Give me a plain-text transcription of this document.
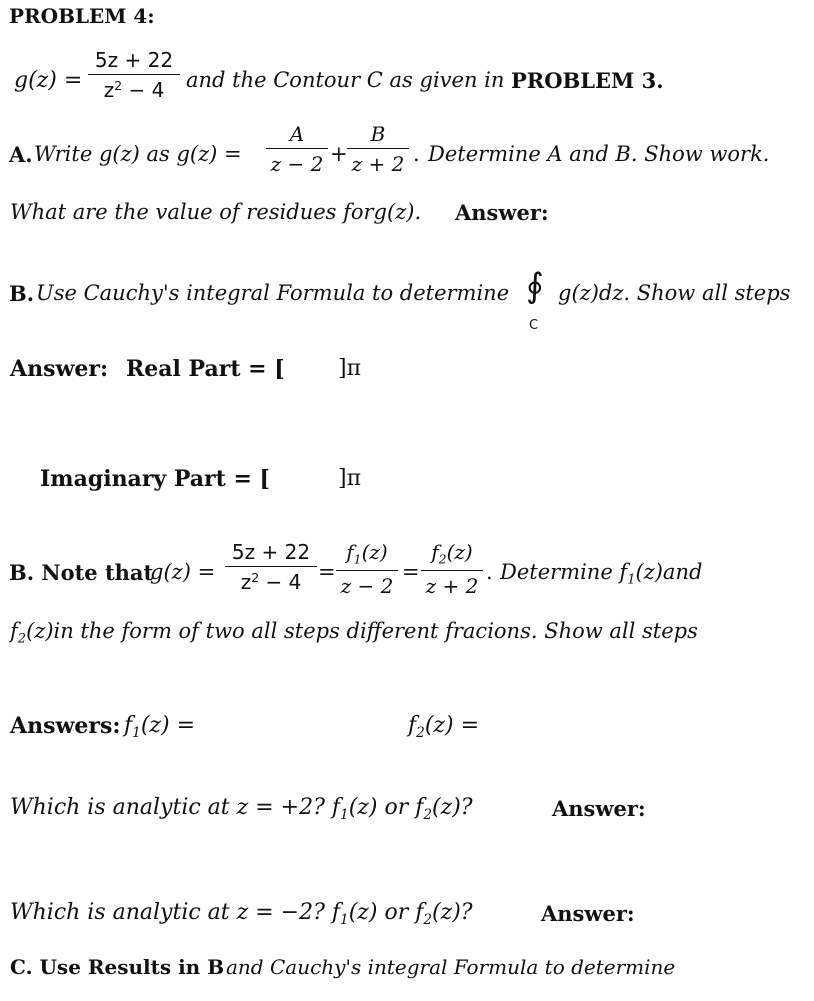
PROBLEM 4:
g(z) =
5z + 22
$z^2 - 4$	and the Contour C as given in PROBLEM 3.
A. Write g(z) as g(z) =
A
z − 2 +
B
z + 2 . Determine A and B. Show work.
What are the value of residues forg(z). Answer:
B. Use Cauchy's integral Formula to determine ∮
C
g(z)dz. Show all steps
Answer: Real Part = [ ]π
Imaginary Part = [	]π
B. Note that
g(z) =
5z + 22
$z^2 - 4$ =
$f_1(z)$
z − 2
=
$f_2(z)$
z + 2
. Determine $f_1(z)and$
$f_2(z)in$ the form of two all steps different fracions. Show all steps
Answers: $f_1(z)$ =	$f_2(z)$ =
Which is analytic at z = +2? $f_1(z)$ or $f_2(z)$?	Answer:
Which is analytic at z = −2? $f_1(z)$ or $f_2(z)$?	Answer:
C. Use Results in B and Cauchy's integral Formula to determine
